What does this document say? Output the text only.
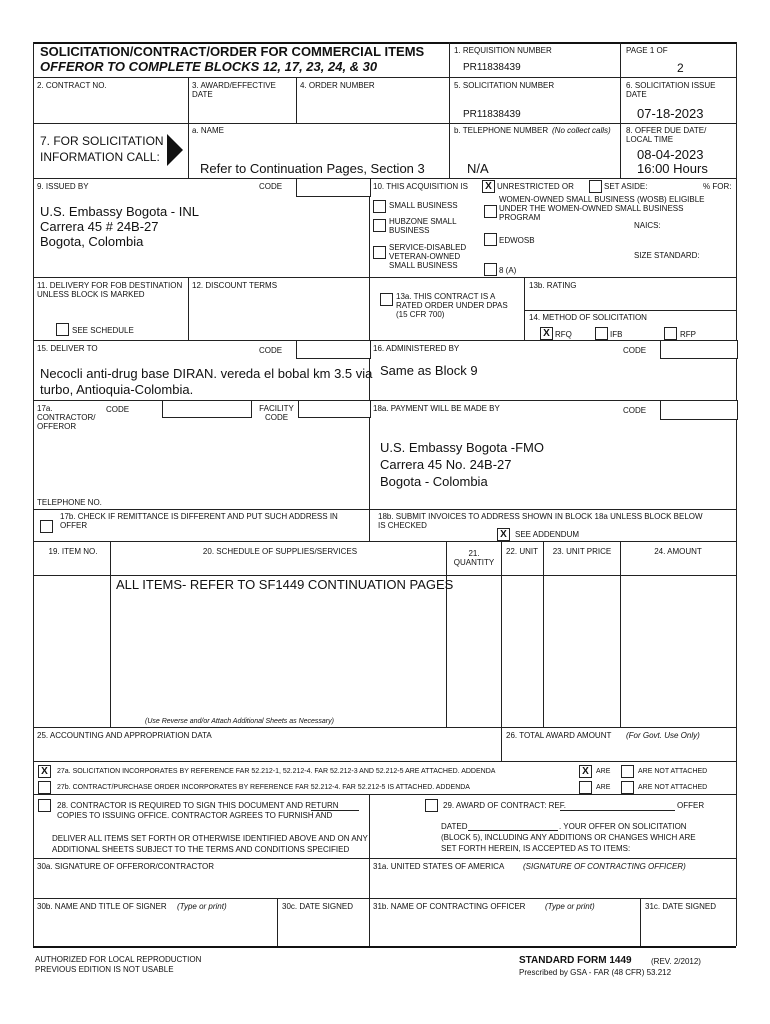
SOLICITATION/CONTRACT/ORDER FOR COMMERCIAL ITEMS
OFFEROR TO COMPLETE BLOCKS 12, 17, 23, 24, & 30
1. REQUISITION NUMBER
PR11838439
PAGE 1 OF
2
2. CONTRACT NO.	3. AWARD/EFFECTIVE DATE
4. ORDER NUMBER	5. SOLICITATION NUMBER
PR11838439
6. SOLICITATION ISSUE DATE
07-18-2023
7. FOR SOLICITATION INFORMATION CALL:
a. NAME
Refer to Continuation Pages, Section 3
b. TELEPHONE NUMBER (No collect calls)
N/A
8. OFFER DUE DATE/ LOCAL TIME
08-04-2023
16:00 Hours
9. ISSUED BY	CODE
U.S. Embassy Bogota - INL
Carrera 45 # 24B-27
Bogota, Colombia
10. THIS ACQUISITION IS	X UNRESTRICTED OR	SET ASIDE:	% FOR:
SMALL BUSINESS
HUBZONE SMALL BUSINESS
SERVICE-DISABLED VETERAN-OWNED SMALL BUSINESS
WOMEN-OWNED SMALL BUSINESS (WOSB) ELIGIBLE UNDER THE WOMEN-OWNED SMALL BUSINESS PROGRAM
NAICS:
EDWOSB
SIZE STANDARD:
8 (A)
11. DELIVERY FOR FOB DESTINATION UNLESS BLOCK IS MARKED
SEE SCHEDULE
12. DISCOUNT TERMS
13a. THIS CONTRACT IS A RATED ORDER UNDER DPAS (15 CFR 700)
13b. RATING
14. METHOD OF SOLICITATION
X RFQ	IFB	RFP
15. DELIVER TO	CODE
Necocli anti-drug base DIRAN. vereda el bobal km 3.5 via
turbo, Antioquia-Colombia.
16. ADMINISTERED BY	CODE
Same as Block 9
17a. CONTRACTOR/ OFFEROR
CODE	FACILITY CODE
TELEPHONE NO.
18a. PAYMENT WILL BE MADE BY	CODE
U.S. Embassy Bogota -FMO
Carrera 45 No. 24B-27
Bogota - Colombia
17b. CHECK IF REMITTANCE IS DIFFERENT AND PUT SUCH ADDRESS IN OFFER
18b. SUBMIT INVOICES TO ADDRESS SHOWN IN BLOCK 18a UNLESS BLOCK BELOW IS CHECKED
X	SEE ADDENDUM
19. ITEM NO.	20. SCHEDULE OF SUPPLIES/SERVICES	21. QUANTITY
22. UNIT	23. UNIT PRICE	24. AMOUNT
ALL ITEMS- REFER TO SF1449 CONTINUATION PAGES
(Use Reverse and/or Attach Additional Sheets as Necessary)
25. ACCOUNTING AND APPROPRIATION DATA	26. TOTAL AWARD AMOUNT (For Govt. Use Only)
X	27a. SOLICITATION INCORPORATES BY REFERENCE FAR 52.212-1, 52.212-4. FAR 52.212-3 AND 52.212-5 ARE ATTACHED. ADDENDA	X	ARE	ARE NOT ATTACHED
27b. CONTRACT/PURCHASE ORDER INCORPORATES BY REFERENCE FAR 52.212-4. FAR 52.212-5 IS ATTACHED. ADDENDA	ARE	ARE NOT ATTACHED
28. CONTRACTOR IS REQUIRED TO SIGN THIS DOCUMENT AND RETURN
COPIES TO ISSUING OFFICE. CONTRACTOR AGREES TO FURNISH AND
DELIVER ALL ITEMS SET FORTH OR OTHERWISE IDENTIFIED ABOVE AND ON ANY
ADDITIONAL SHEETS SUBJECT TO THE TERMS AND CONDITIONS SPECIFIED
29. AWARD OF CONTRACT: REF.	OFFER
DATED	. YOUR OFFER ON SOLICITATION
(BLOCK 5), INCLUDING ANY ADDITIONS OR CHANGES WHICH ARE
SET FORTH HEREIN, IS ACCEPTED AS TO ITEMS:
30a. SIGNATURE OF OFFEROR/CONTRACTOR	31a. UNITED STATES OF AMERICA (SIGNATURE OF CONTRACTING OFFICER)
30b. NAME AND TITLE OF SIGNER (Type or print)	30c. DATE SIGNED	31b. NAME OF CONTRACTING OFFICER (Type or print)	31c. DATE SIGNED
AUTHORIZED FOR LOCAL REPRODUCTION
PREVIOUS EDITION IS NOT USABLE
STANDARD FORM 1449 (REV. 2/2012)
Prescribed by GSA - FAR (48 CFR) 53.212
